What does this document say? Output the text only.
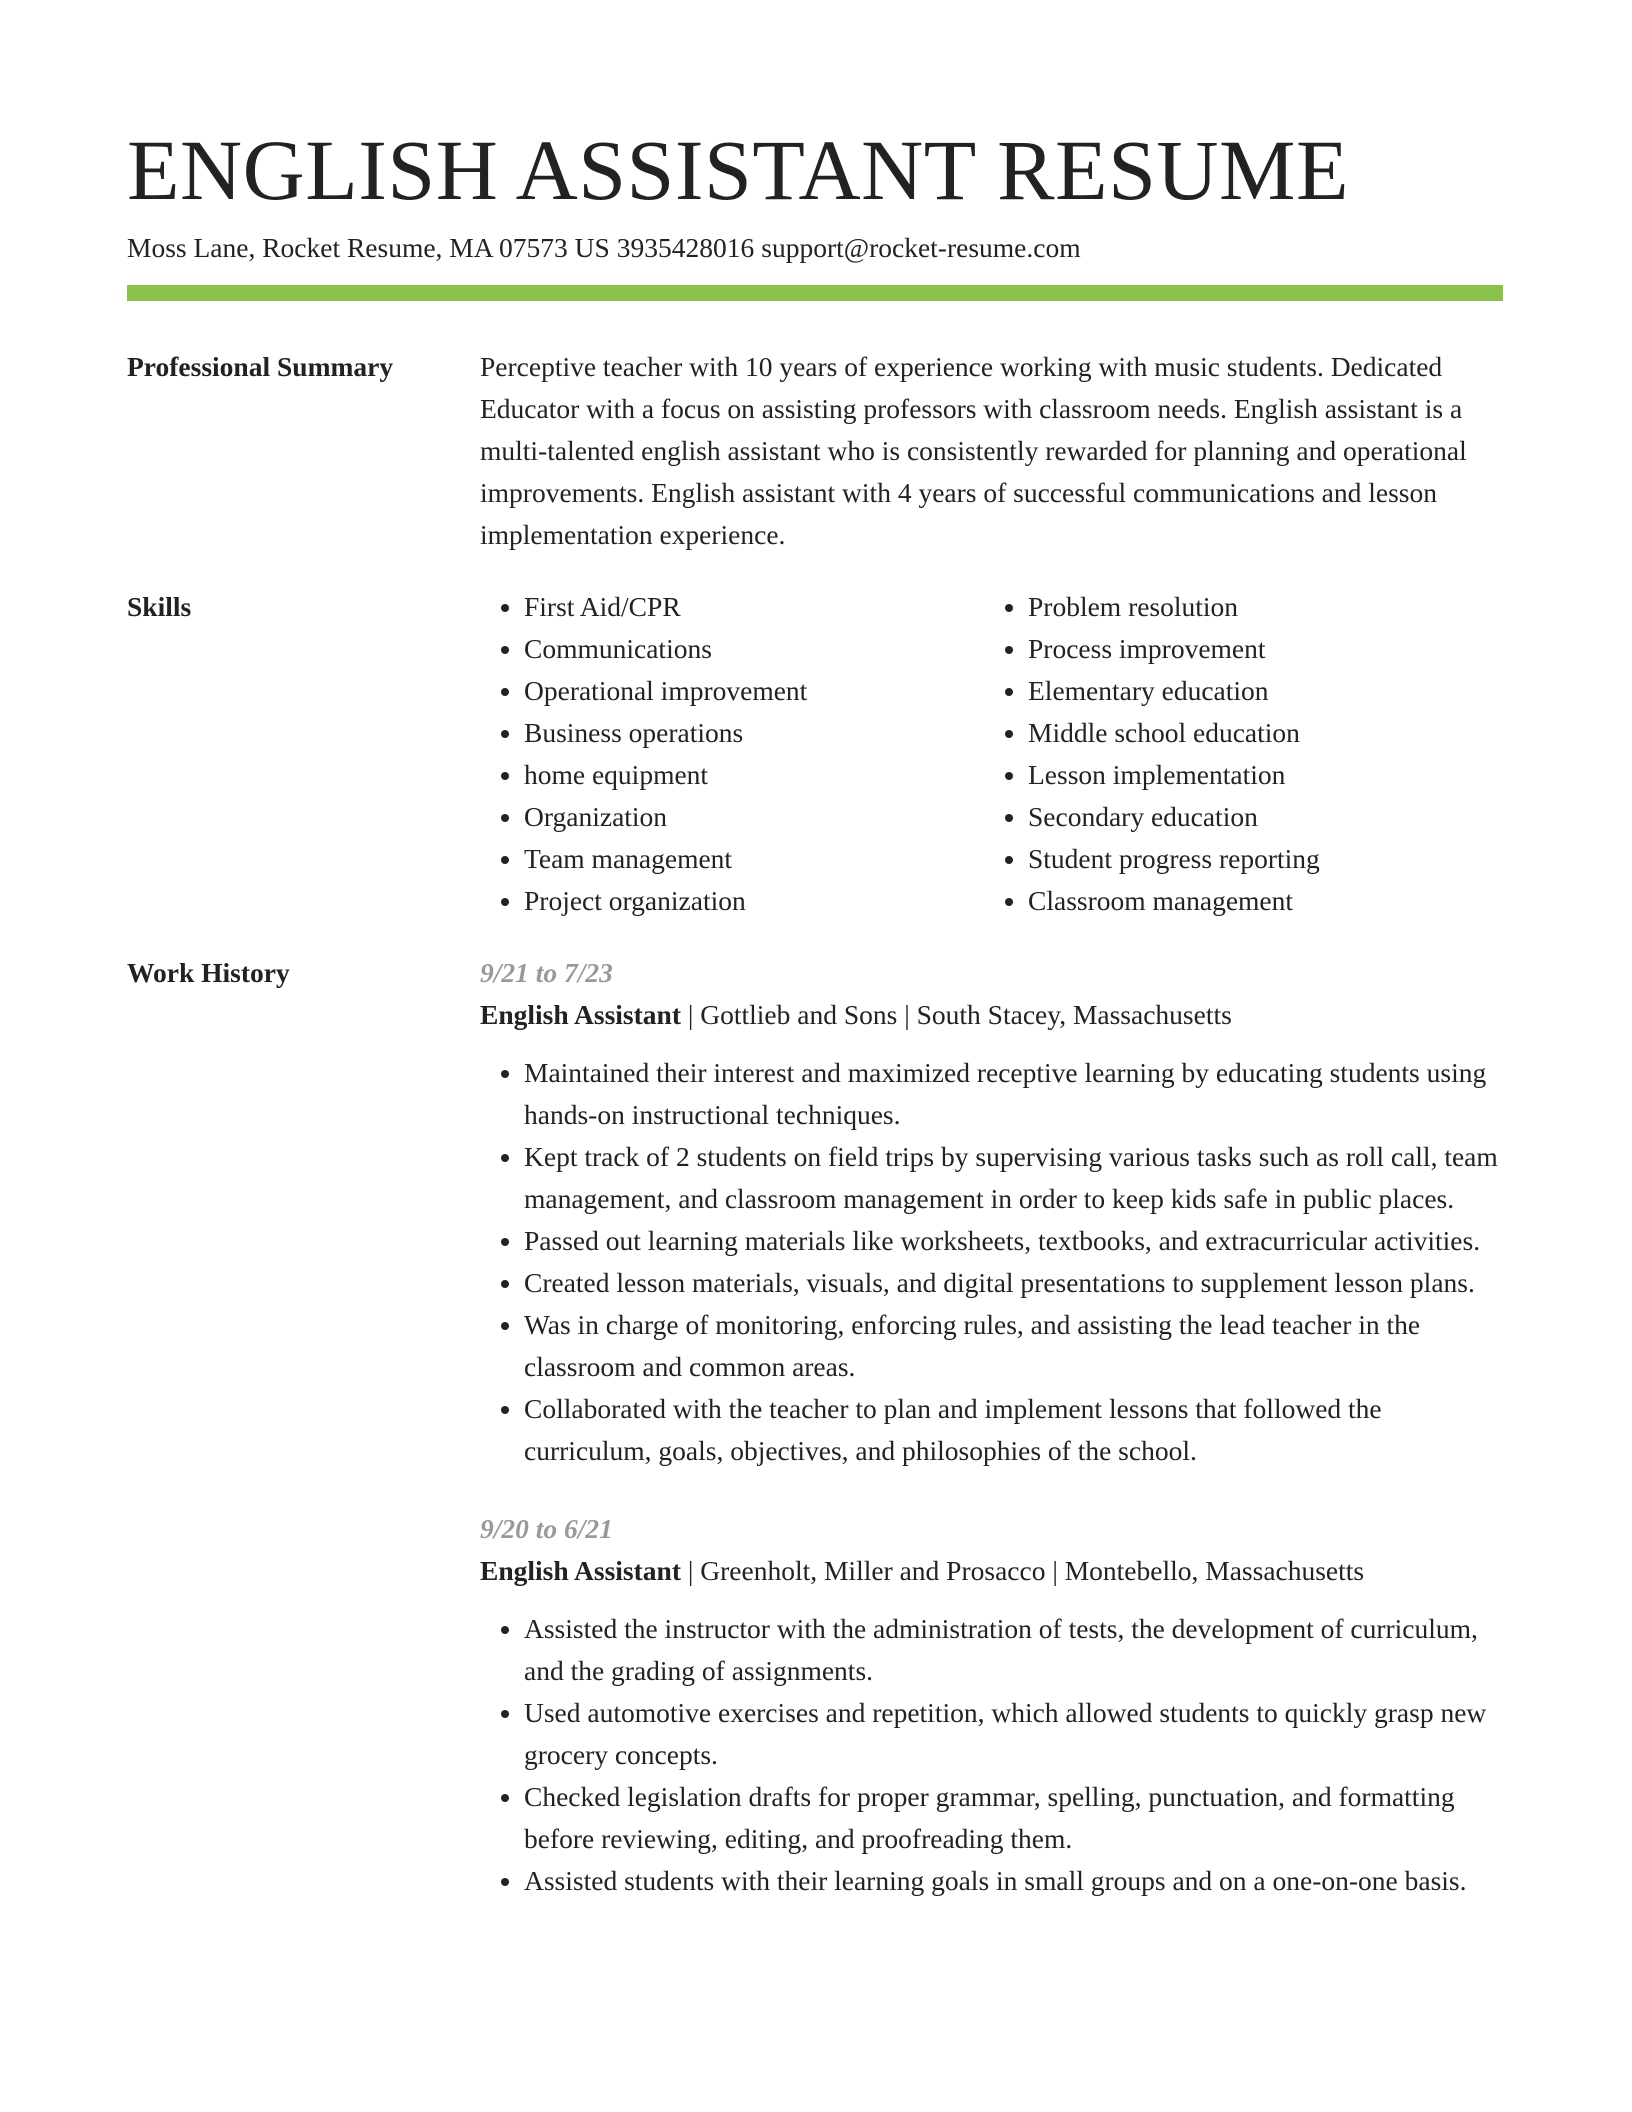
ENGLISH ASSISTANT RESUME
Moss Lane, Rocket Resume, MA 07573 US 3935428016 support@rocket-resume.com
Professional Summary	Perceptive teacher with 10 years of experience working with music students. Dedicated Educator with a focus on assisting professors with classroom needs. English assistant is a multi-talented english assistant who is consistently rewarded for planning and operational improvements. English assistant with 4 years of successful communications and lesson implementation experience.

Skills
•	First Aid/CPR
• Communications
• Operational improvement
• Business operations
• home equipment
• Organization
• Team management
• Project organization
• Problem resolution
• Process improvement
• Elementary education
• Middle school education
• Lesson implementation
• Secondary education
• Student progress reporting
• Classroom management
Work History	9/21 to 7/23
English Assistant | Gottlieb and Sons | South Stacey, Massachusetts
• Maintained their interest and maximized receptive learning by educating students using hands-on instructional techniques.
• Kept track of 2 students on field trips by supervising various tasks such as roll call, team management, and classroom management in order to keep kids safe in public places.
• Passed out learning materials like worksheets, textbooks, and extracurricular activities.
• Created lesson materials, visuals, and digital presentations to supplement lesson plans.
• Was in charge of monitoring, enforcing rules, and assisting the lead teacher in the classroom and common areas.
• Collaborated with the teacher to plan and implement lessons that followed the curriculum, goals, objectives, and philosophies of the school.
9/20 to 6/21
English Assistant | Greenholt, Miller and Prosacco | Montebello, Massachusetts
• Assisted the instructor with the administration of tests, the development of curriculum, and the grading of assignments.
• Used automotive exercises and repetition, which allowed students to quickly grasp new grocery concepts.
• Checked legislation drafts for proper grammar, spelling, punctuation, and formatting before reviewing, editing, and proofreading them.
• Assisted students with their learning goals in small groups and on a one-on-one basis.
